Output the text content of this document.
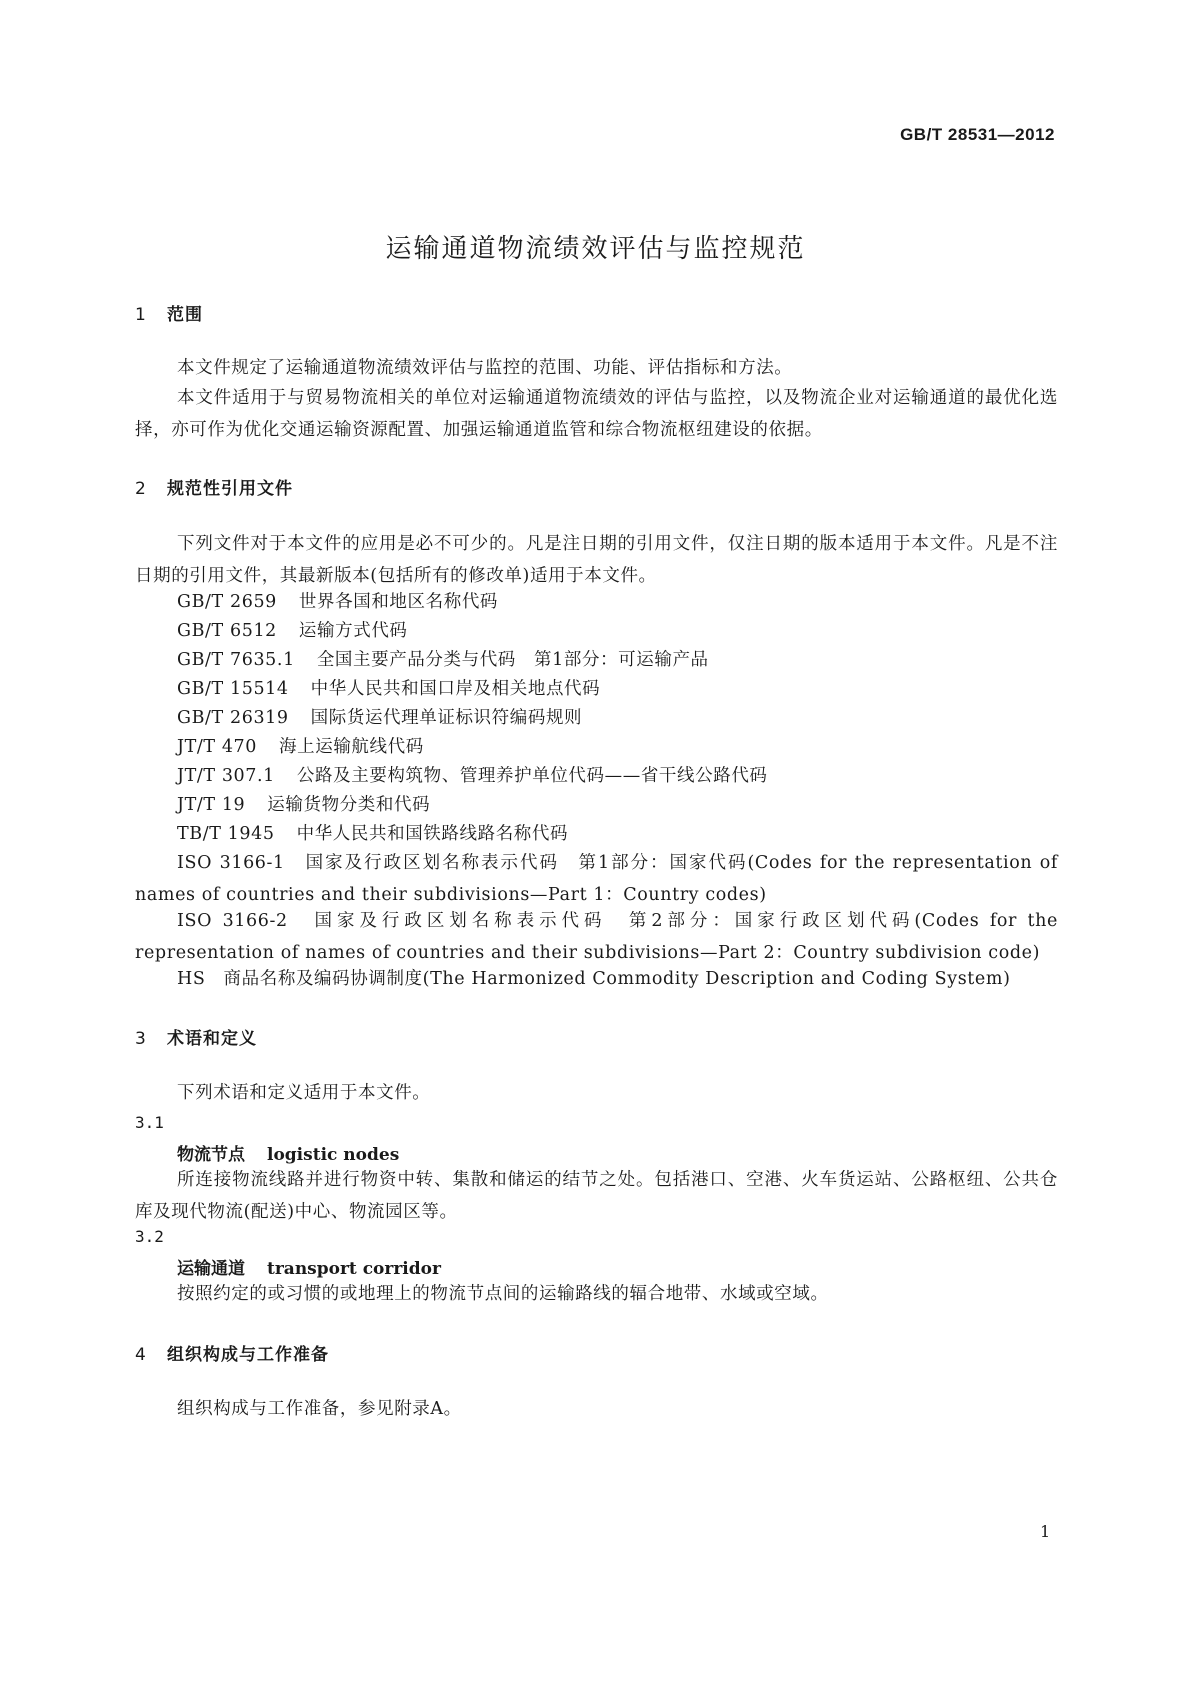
GB/T 28531—2012
运输通道物流绩效评估与监控规范
1 范围
本文件规定了运输通道物流绩效评估与监控的范围、功能、评估指标和方法。
本文件适用于与贸易物流相关的单位对运输通道物流绩效的评估与监控，以及物流企业对运输通道的最优化选择，亦可作为优化交通运输资源配置、加强运输通道监管和综合物流枢纽建设的依据。
2 规范性引用文件
下列文件对于本文件的应用是必不可少的。凡是注日期的引用文件，仅注日期的版本适用于本文件。凡是不注日期的引用文件，其最新版本(包括所有的修改单)适用于本文件。
GB/T 2659 世界各国和地区名称代码
GB/T 6512 运输方式代码
GB/T 7635.1 全国主要产品分类与代码　第1部分：可运输产品
GB/T 15514 中华人民共和国口岸及相关地点代码
GB/T 26319 国际货运代理单证标识符编码规则
JT/T 470 海上运输航线代码
JT/T 307.1 公路及主要构筑物、管理养护单位代码——省干线公路代码
JT/T 19 运输货物分类和代码
TB/T 1945 中华人民共和国铁路线路名称代码
ISO 3166-1　国家及行政区划名称表示代码　第1部分：国家代码(Codes for the representation of names of countries and their subdivisions—Part 1：Country codes)
ISO 3166-2　国家及行政区划名称表示代码　第2部分：国家行政区划代码(Codes for the representation of names of countries and their subdivisions—Part 2：Country subdivision code)
HS　商品名称及编码协调制度(The Harmonized Commodity Description and Coding System)
3 术语和定义
下列术语和定义适用于本文件。
3.1
物流节点 logistic nodes
所连接物流线路并进行物资中转、集散和储运的结节之处。包括港口、空港、火车货运站、公路枢纽、公共仓库及现代物流(配送)中心、物流园区等。
3.2
运输通道 transport corridor
按照约定的或习惯的或地理上的物流节点间的运输路线的辐合地带、水域或空域。
4 组织构成与工作准备
组织构成与工作准备，参见附录A。
1
